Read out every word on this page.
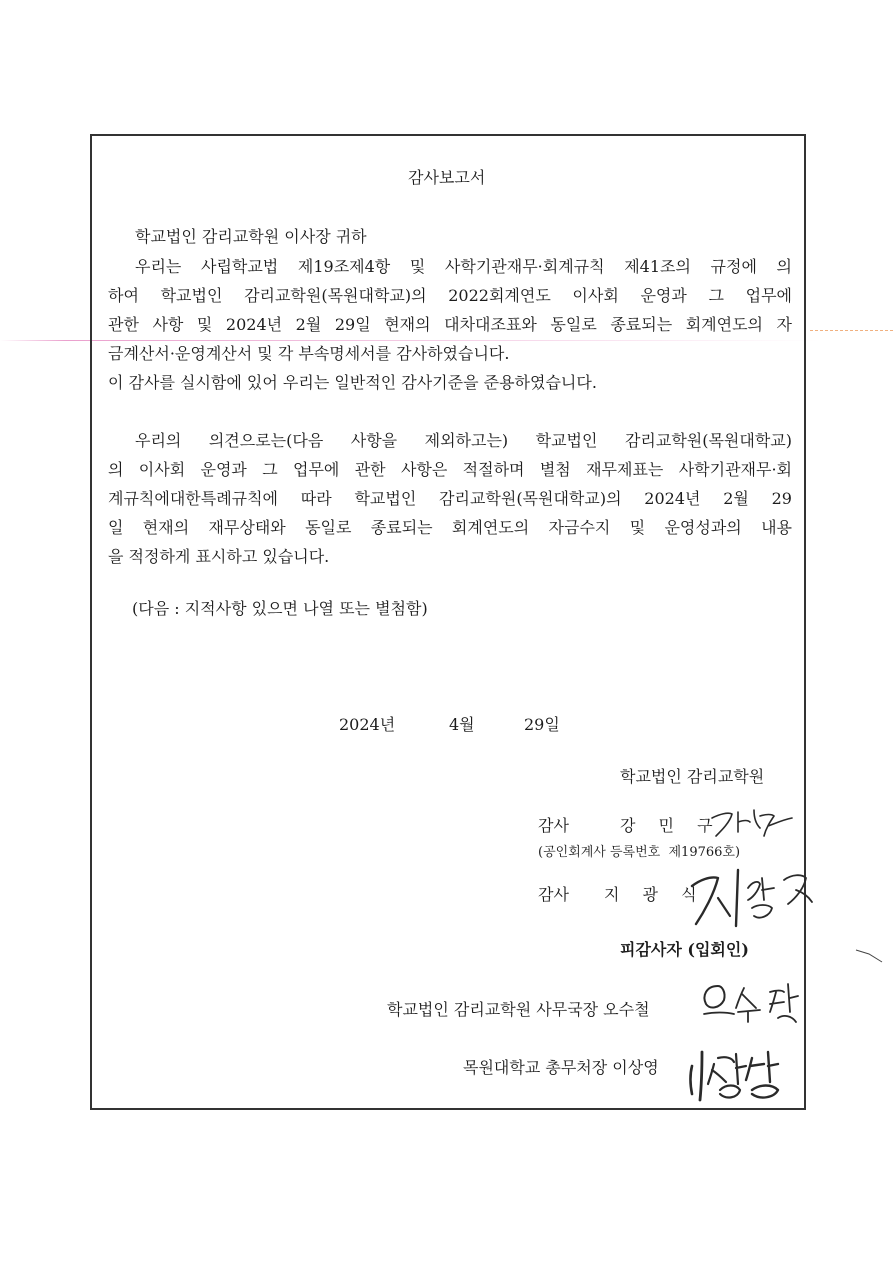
감사보고서
학교법인 감리교학원 이사장 귀하
우리는 사립학교법 제19조제4항 및 사학기관재무·회계규칙 제41조의 규정에 의
하여 학교법인 감리교학원(목원대학교)의 2022회계연도 이사회 운영과 그 업무에
관한 사항 및 2024년 2월 29일 현재의 대차대조표와 동일로 종료되는 회계연도의 자
금계산서·운영계산서 및 각 부속명세서를 감사하였습니다.
이 감사를 실시함에 있어 우리는 일반적인 감사기준을 준용하였습니다.
우리의 의견으로는(다음 사항을 제외하고는) 학교법인 감리교학원(목원대학교)
의 이사회 운영과 그 업무에 관한 사항은 적절하며 별첨 재무제표는 사학기관재무·회
계규칙에대한특례규칙에 따라 학교법인 감리교학원(목원대학교)의 2024년 2월 29
일 현재의 재무상태와 동일로 종료되는 회계연도의 자금수지 및 운영성과의 내용
을 적정하게 표시하고 있습니다.
(다음 : 지적사항 있으면 나열 또는 별첨함)
2024년	4월	29일
학교법인 감리교학원
감사	강 민 구
(공인회계사 등록번호  제19766호)
감사 지 광 식
피감사자 (입회인)
학교법인 감리교학원 사무국장 오수철
목원대학교 총무처장 이상영
